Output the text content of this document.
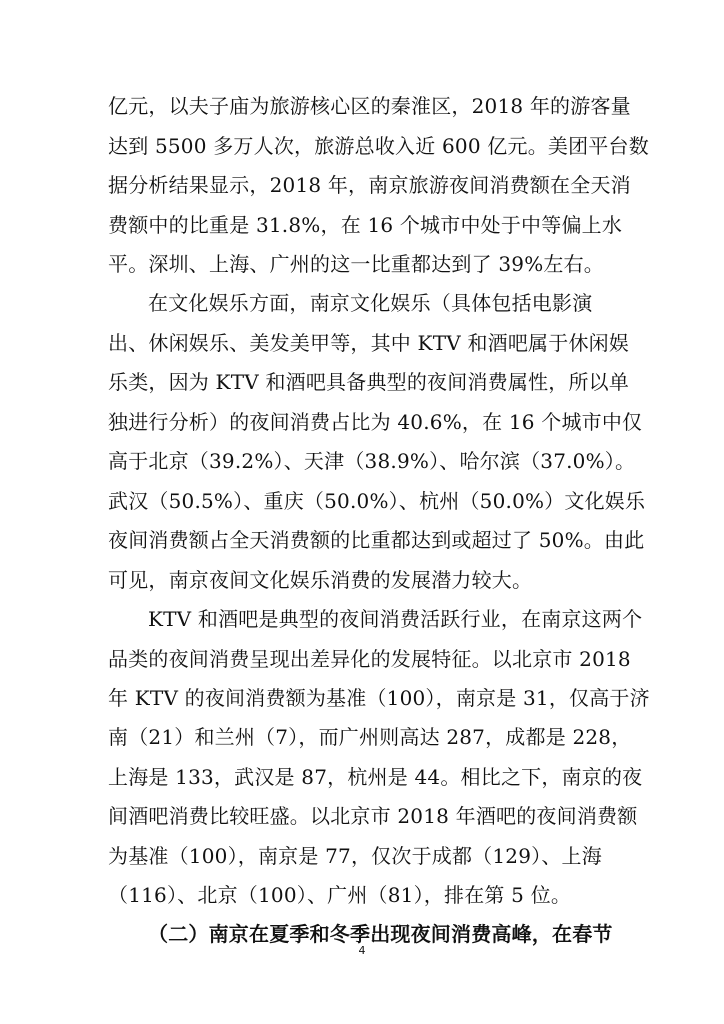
亿元，以夫子庙为旅游核心区的秦淮区，2018 年的游客量
达到 5500 多万人次，旅游总收入近 600 亿元。美团平台数
据分析结果显示，2018 年，南京旅游夜间消费额在全天消
费额中的比重是 31.8%，在 16 个城市中处于中等偏上水
平。深圳、上海、广州的这一比重都达到了 39%左右。
在文化娱乐方面，南京文化娱乐（具体包括电影演
出、休闲娱乐、美发美甲等，其中 KTV 和酒吧属于休闲娱
乐类，因为 KTV 和酒吧具备典型的夜间消费属性，所以单
独进行分析）的夜间消费占比为 40.6%，在 16 个城市中仅
高于北京（39.2%）、天津（38.9%）、哈尔滨（37.0%）。
武汉（50.5%）、重庆（50.0%）、杭州（50.0%）文化娱乐
夜间消费额占全天消费额的比重都达到或超过了 50%。由此
可见，南京夜间文化娱乐消费的发展潜力较大。
KTV 和酒吧是典型的夜间消费活跃行业，在南京这两个
品类的夜间消费呈现出差异化的发展特征。以北京市 2018
年 KTV 的夜间消费额为基准（100），南京是 31，仅高于济
南（21）和兰州（7），而广州则高达 287，成都是 228，
上海是 133，武汉是 87，杭州是 44。相比之下，南京的夜
间酒吧消费比较旺盛。以北京市 2018 年酒吧的夜间消费额
为基准（100），南京是 77，仅次于成都（129）、上海
（116）、北京（100）、广州（81），排在第 5 位。
（二）南京在夏季和冬季出现夜间消费高峰，在春节
4
